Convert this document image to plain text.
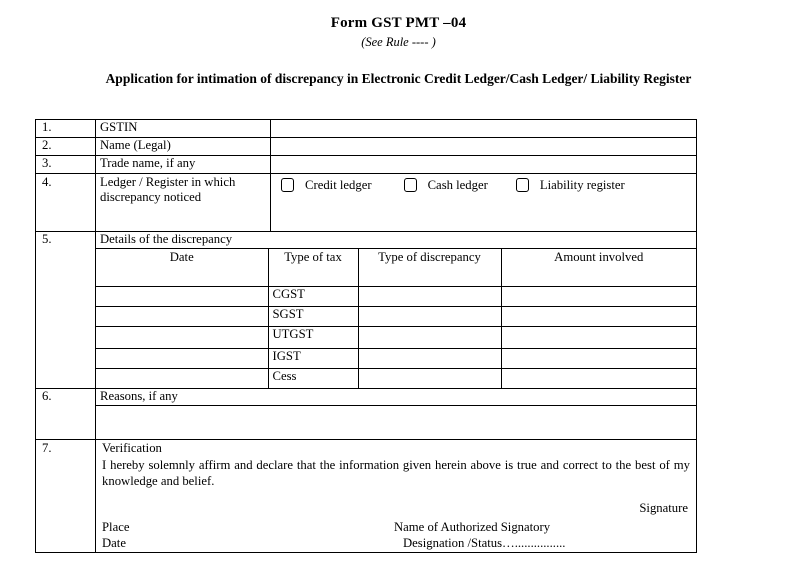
Form GST PMT –04
(See Rule ---- )
Application for intimation of discrepancy in Electronic Credit Ledger/Cash Ledger/ Liability Register
1.	GSTIN	
2.	Name (Legal)	
3.	Trade name, if any	
4.	Ledger / Register in which discrepancy noticed	
Credit ledger	Cash ledger	Liability register

5.	Details of the discrepancy
Date	Type of tax	Type of discrepancy	Amount involved
	CGST		
	SGST		
	UTGST		
	IGST		
	Cess		

6.	Reasons, if any

7.	Verification
I hereby solemnly affirm and declare that the information given herein above is true and correct to the best of my knowledge and belief.
Signature
Place	Name of Authorized Signatory
Date	Designation /Status…................
